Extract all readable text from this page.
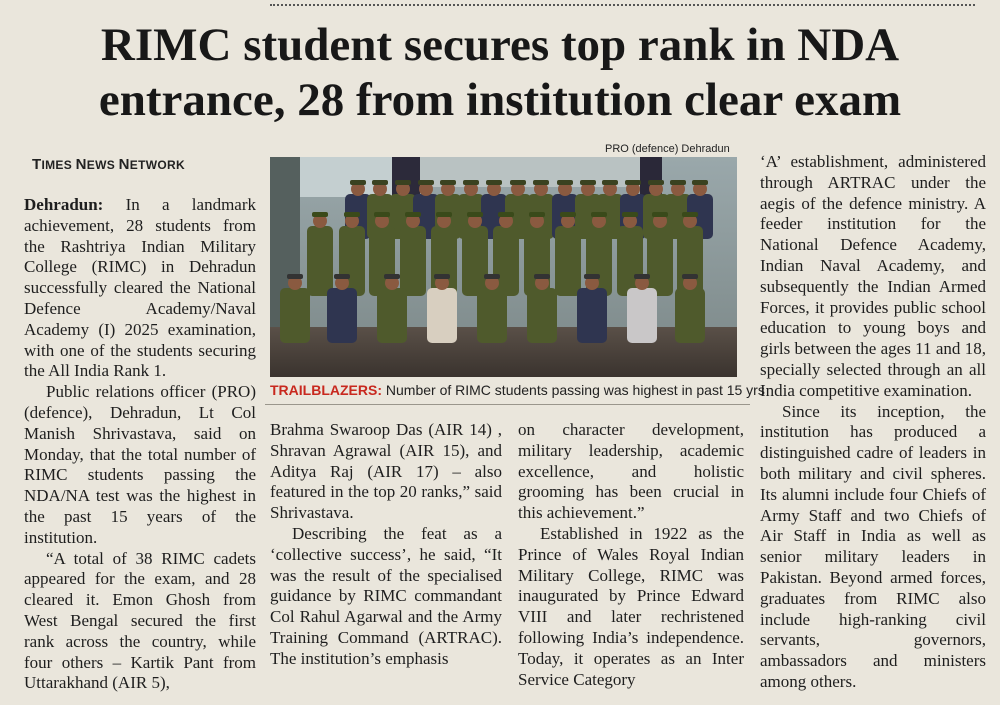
RIMC student secures top rank in NDA
entrance, 28 from institution clear exam
TIMES NEWS NETWORK

Dehradun: In a landmark achievement, 28 students from the Rashtriya Indian Military College (RIMC) in Dehradun successfully cleared the National Defence Academy/Naval Academy (I) 2025 examination, with one of the students securing the All India Rank 1.

Public relations officer (PRO) (defence), Dehradun, Lt Col Manish Shrivastava, said on Monday, that the total number of RIMC students passing the NDA/NA test was the highest in the past 15 years of the institution.

“A total of 38 RIMC cadets appeared for the exam, and 28 cleared it. Emon Ghosh from West Bengal secured the first rank across the country, while four others – Kartik Pant from Uttarakhand (AIR 5),

PRO (defence) Dehradun
TRAILBLAZERS: Number of RIMC students passing was highest in past 15 yrs

Brahma Swaroop Das (AIR 14) , Shravan Agrawal (AIR 15), and Aditya Raj (AIR 17) – also featured in the top 20 ranks,” said Shrivastava.

Describing the feat as a ‘collective success’, he said, “It was the result of the specialised guidance by RIMC commandant Col Rahul Agarwal and the Army Training Command (ARTRAC). The institution’s emphasis

on character development, military leadership, academic excellence, and holistic grooming has been crucial in this achievement.”

Established in 1922 as the Prince of Wales Royal Indian Military College, RIMC was inaugurated by Prince Edward VIII and later rechristened following India’s independence. Today, it operates as an Inter Service Category

‘A’ establishment, administered through ARTRAC under the aegis of the defence ministry. A feeder institution for the National Defence Academy, Indian Naval Academy, and subsequently the Indian Armed Forces, it provides public school education to young boys and girls between the ages 11 and 18, specially selected through an all India competitive examination.

Since its inception, the institution has produced a distinguished cadre of leaders in both military and civil spheres. Its alumni include four Chiefs of Army Staff and two Chiefs of Air Staff in India as well as senior military leaders in Pakistan. Beyond armed forces, graduates from RIMC also include high-ranking civil servants, governors, ambassadors and ministers among others.
